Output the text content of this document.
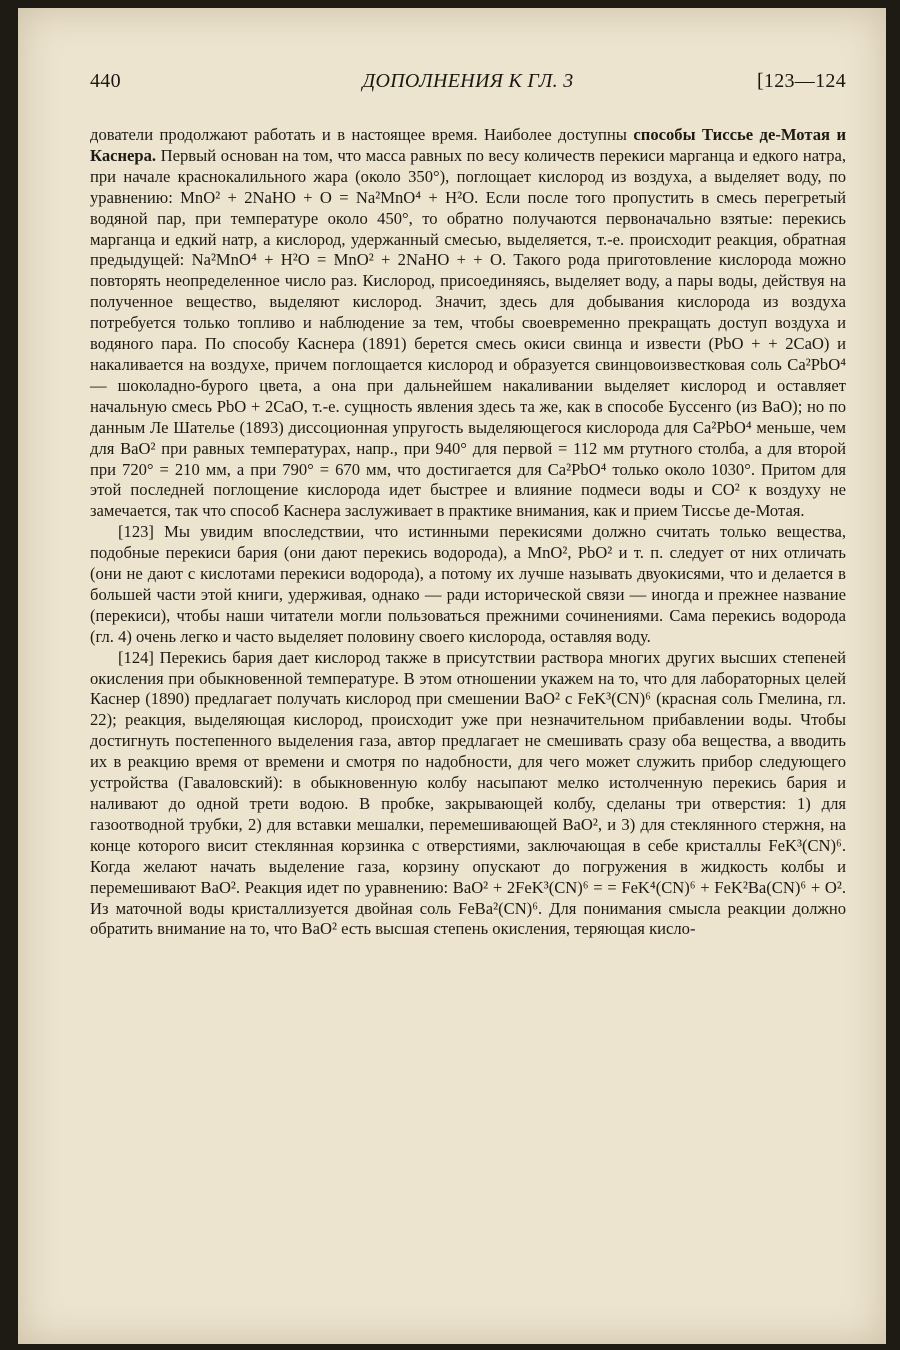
440	ДОПОЛНЕНИЯ К ГЛ. 3	[123—124

дователи продолжают работать и в настоящее время. Наиболее доступны способы Тиссье де-Мотая и Каснера. Первый основан на том, что масса равных по весу количеств перекиси марганца и едкого натра, при начале краснокалильного жара (около 350°), поглощает кислород из воздуха, а выделяет воду, по уравнению: MnO² + 2NaHO + O = Na²MnO⁴ + H²O. Если после того пропустить в смесь перегретый водяной пар, при температуре около 450°, то обратно получаются первоначально взятые: перекись марганца и едкий натр, а кислород, удержанный смесью, выделяется, т.-е. происходит реакция, обратная предыдущей: Na²MnO⁴ + H²O = MnO² + 2NaHO + + O. Такого рода приготовление кислорода можно повторять неопределенное число раз. Кислород, присоединяясь, выделяет воду, а пары воды, действуя на полученное вещество, выделяют кислород. Значит, здесь для добывания кислорода из воздуха потребуется только топливо и наблюдение за тем, чтобы своевременно прекращать доступ воздуха и водяного пара. По способу Каснера (1891) берется смесь окиси свинца и извести (PbO + + 2CaO) и накаливается на воздухе, причем поглощается кислород и образуется свинцовоизвестковая соль Ca²PbO⁴ — шоколадно-бурого цвета, а она при дальнейшем накаливании выделяет кислород и оставляет начальную смесь PbO + 2CaO, т.-е. сущность явления здесь та же, как в способе Буссенго (из BaO); но по данным Ле Шателье (1893) диссоционная упругость выделяющегося кислорода для Ca²PbO⁴ меньше, чем для BaO² при равных температурах, напр., при 940° для первой = 112 мм ртутного столба, а для второй при 720° = 210 мм, а при 790° = 670 мм, что достигается для Ca²PbO⁴ только около 1030°. Притом для этой последней поглощение кислорода идет быстрее и влияние подмеси воды и CO² к воздуху не замечается, так что способ Каснера заслуживает в практике внимания, как и прием Тиссье де-Мотая.

[123] Мы увидим впоследствии, что истинными перекисями должно считать только вещества, подобные перекиси бария (они дают перекись водорода), а MnO², PbO² и т. п. следует от них отличать (они не дают с кислотами перекиси водорода), а потому их лучше называть двуокисями, что и делается в большей части этой книги, удерживая, однако — ради исторической связи — иногда и прежнее название (перекиси), чтобы наши читатели могли пользоваться прежними сочинениями. Сама перекись водорода (гл. 4) очень легко и часто выделяет половину своего кислорода, оставляя воду.

[124] Перекись бария дает кислород также в присутствии раствора многих других высших степеней окисления при обыкновенной температуре. В этом отношении укажем на то, что для лабораторных целей Каснер (1890) предлагает получать кислород при смешении BaO² с FeK³(CN)⁶ (красная соль Гмелина, гл. 22); реакция, выделяющая кислород, происходит уже при незначительном прибавлении воды. Чтобы достигнуть постепенного выделения газа, автор предлагает не смешивать сразу оба вещества, а вводить их в реакцию время от времени и смотря по надобности, для чего может служить прибор следующего устройства (Гаваловский): в обыкновенную колбу насыпают мелко истолченную перекись бария и наливают до одной трети водою. В пробке, закрывающей колбу, сделаны три отверстия: 1) для газоотводной трубки, 2) для вставки мешалки, перемешивающей BaO², и 3) для стеклянного стержня, на конце которого висит стеклянная корзинка с отверстиями, заключающая в себе кристаллы FeK³(CN)⁶. Когда желают начать выделение газа, корзину опускают до погружения в жидкость колбы и перемешивают BaO². Реакция идет по уравнению: BaO² + 2FeK³(CN)⁶ = = FeK⁴(CN)⁶ + FeK²Ba(CN)⁶ + O². Из маточной воды кристаллизуется двойная соль FeBa²(CN)⁶. Для понимания смысла реакции должно обратить внимание на то, что BaO² есть высшая степень окисления, теряющая кисло-
